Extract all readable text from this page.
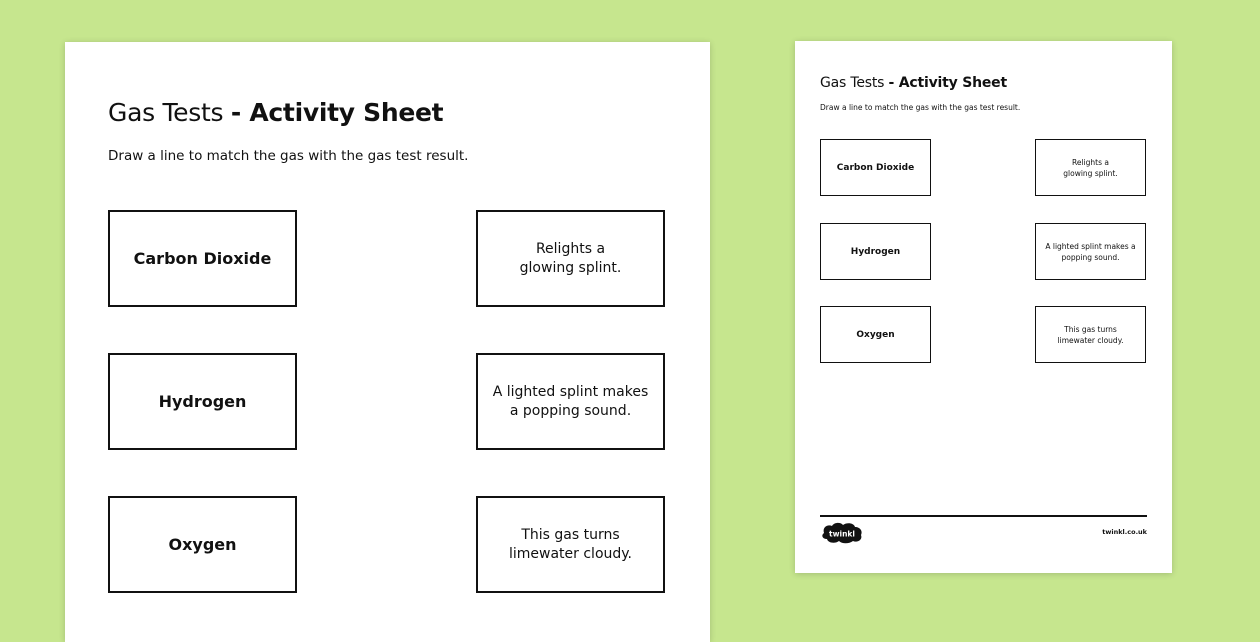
Gas Tests - Activity Sheet
Draw a line to match the gas with the gas test result.
Carbon Dioxide
Hydrogen
Oxygen
Relights a glowing splint.
A lighted splint makes a popping sound.
This gas turns limewater cloudy.
Gas Tests - Activity Sheet
Draw a line to match the gas with the gas test result.
Carbon Dioxide
Hydrogen
Oxygen
Relights a glowing splint.
A lighted splint makes a popping sound.
This gas turns limewater cloudy.
twinkl	twinkl.co.uk
